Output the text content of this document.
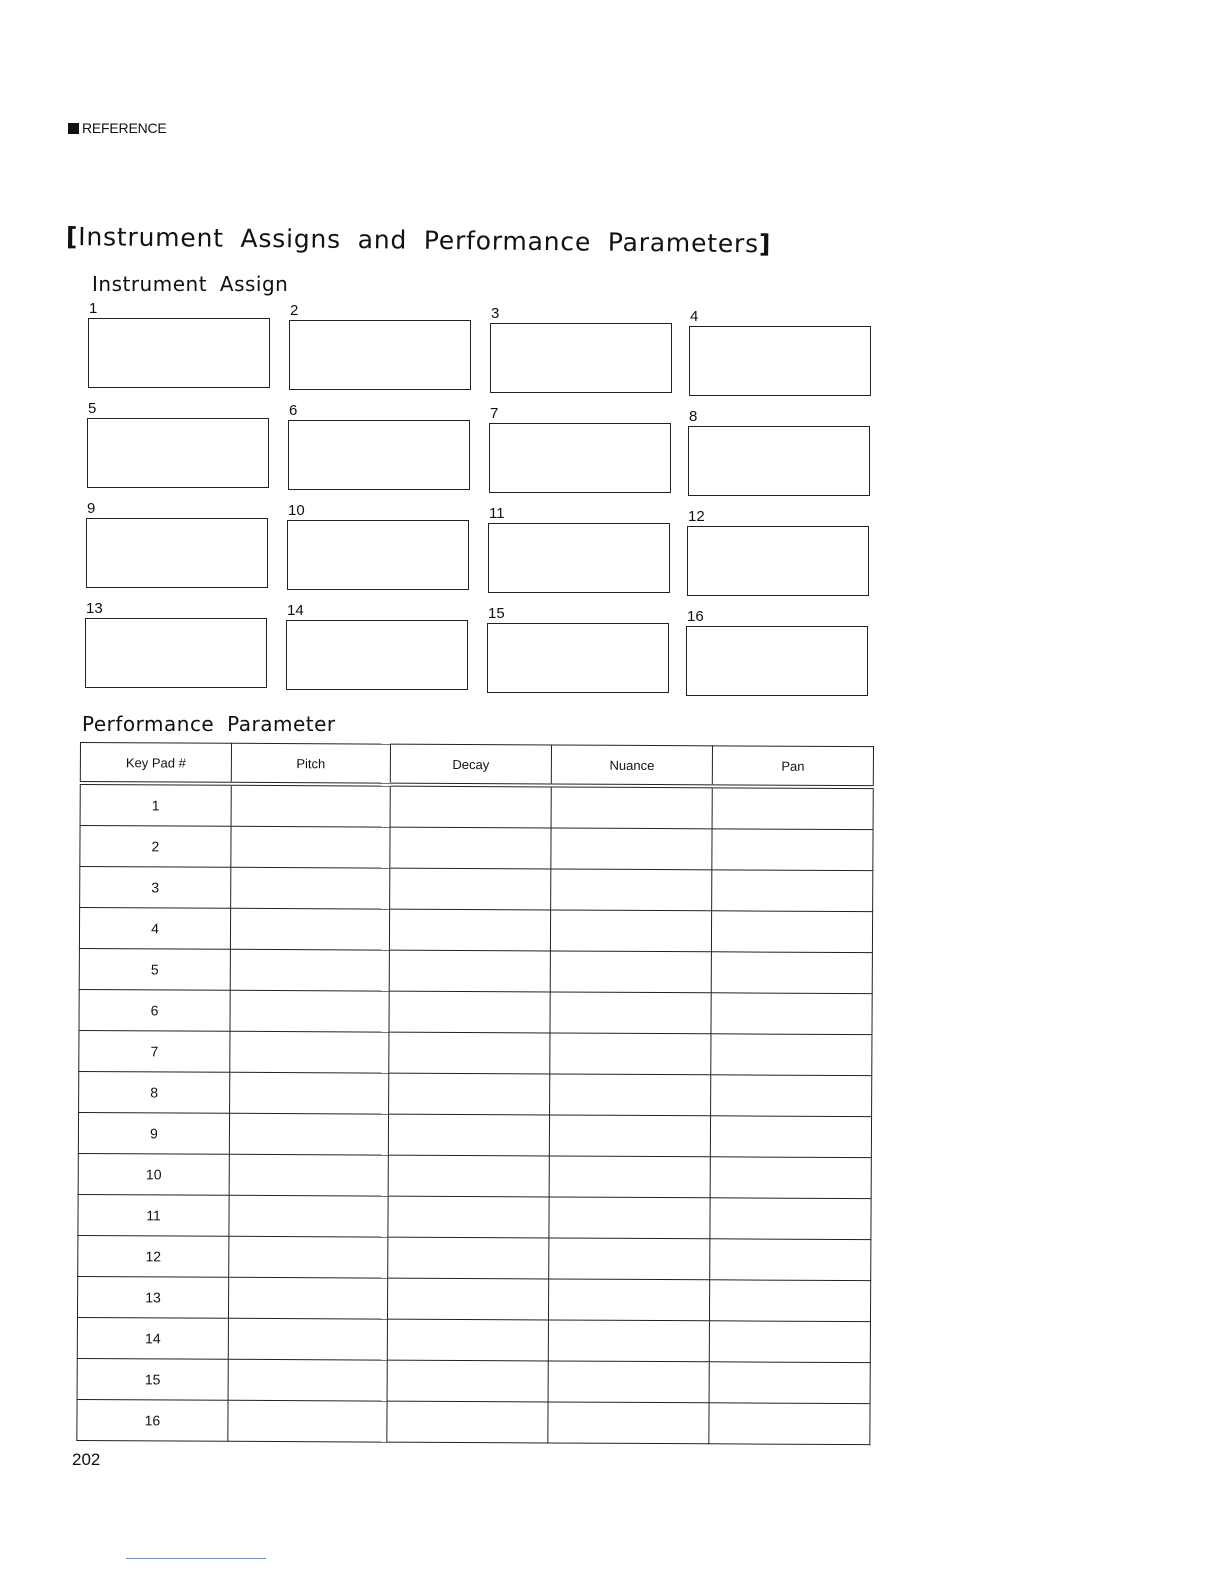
REFERENCE
[Instrument Assigns and Performance Parameters]
Instrument Assign
1	2	3	4
5	6	7	8
9	10	11	12
13	14	15	16
Performance Parameter
Key Pad #	Pitch	Decay	Nuance	Pan
1				
2				
3				
4				
5				
6				
7				
8				
9				
10				
11				
12				
13				
14				
15				
16				
202
